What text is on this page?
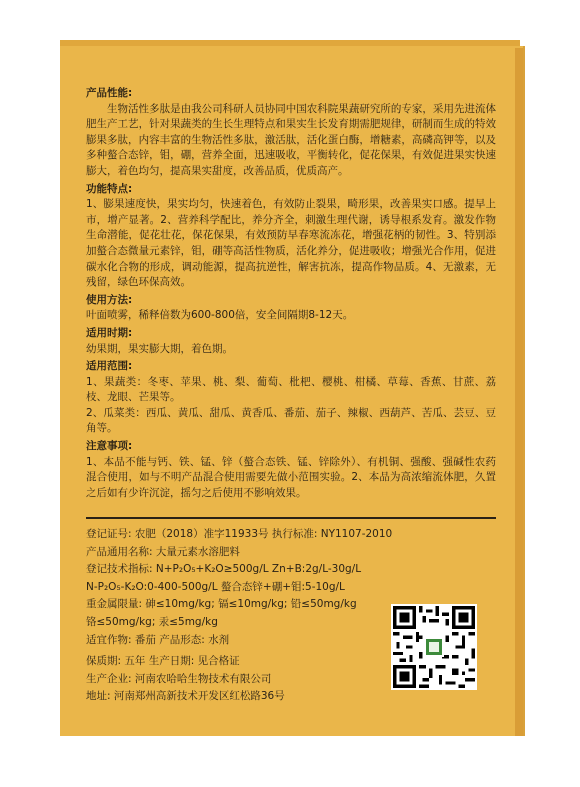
产品性能:

生物活性多肽是由我公司科研人员协同中国农科院果蔬研究所的专家，采用先进流体肥生产工艺，针对果蔬类的生长生理特点和果实生长发育期需肥规律，研制而生成的特效膨果多肽，内容丰富的生物活性多肽，激活肽，活化蛋白酶，增糖素，高磷高钾等，以及多种螯合态锌，钼，硼，营养全面，迅速吸收，平衡转化，促花保果，有效促进果实快速膨大，着色均匀，提高果实甜度，改善品质，优质高产。

功能特点:

1、膨果速度快，果实均匀，快速着色，有效防止裂果，畸形果，改善果实口感。提早上市，增产显著。2、营养科学配比，养分齐全，刺激生理代谢，诱导根系发育。激发作物生命潜能，促花壮花，保花保果，有效预防早春寒流冻花，增强花柄的韧性。3、特别添加螯合态微量元素锌，钼，硼等高活性物质，活化养分，促进吸收；增强光合作用，促进碳水化合物的形成，调动能源，提高抗逆性，解害抗冻，提高作物品质。4、无激素，无残留，绿色环保高效。

使用方法:

叶面喷雾，稀释倍数为600-800倍，安全间隔期8-12天。

适用时期:

幼果期，果实膨大期，着色期。

适用范围:

1、果蔬类：冬枣、苹果、桃、梨、葡萄、枇杷、樱桃、柑橘、草莓、香蕉、甘蔗、荔枝、龙眼、芒果等。

2、瓜菜类：西瓜、黄瓜、甜瓜、黄香瓜、番茄、茄子、辣椒、西葫芦、苦瓜、芸豆、豆角等。

注意事项:

1、本品不能与钙、铁、锰、锌（螯合态铁、锰、锌除外）、有机铜、强酸、强碱性农药混合使用，如与不明产品混合使用需要先做小范围实验。2、本品为高浓缩流体肥，久置之后如有少许沉淀，摇匀之后使用不影响效果。

登记证号: 农肥（2018）准字11933号 执行标准: NY1107-2010
产品通用名称: 大量元素水溶肥料
登记技术指标: N+P₂O₅+K₂O≥500g/L Zn+B:2g/L-30g/L
N-P₂O₅-K₂O:0-400-500g/L 螯合态锌+硼+钼:5-10g/L
重金属限量: 砷≤10mg/kg; 镉≤10mg/kg; 铅≤50mg/kg
铬≤50mg/kg; 汞≤5mg/kg
适宜作物: 番茄 产品形态: 水剂
保质期: 五年 生产日期: 见合格证
生产企业: 河南农哈哈生物技术有限公司
地址: 河南郑州高新技术开发区红松路36号
